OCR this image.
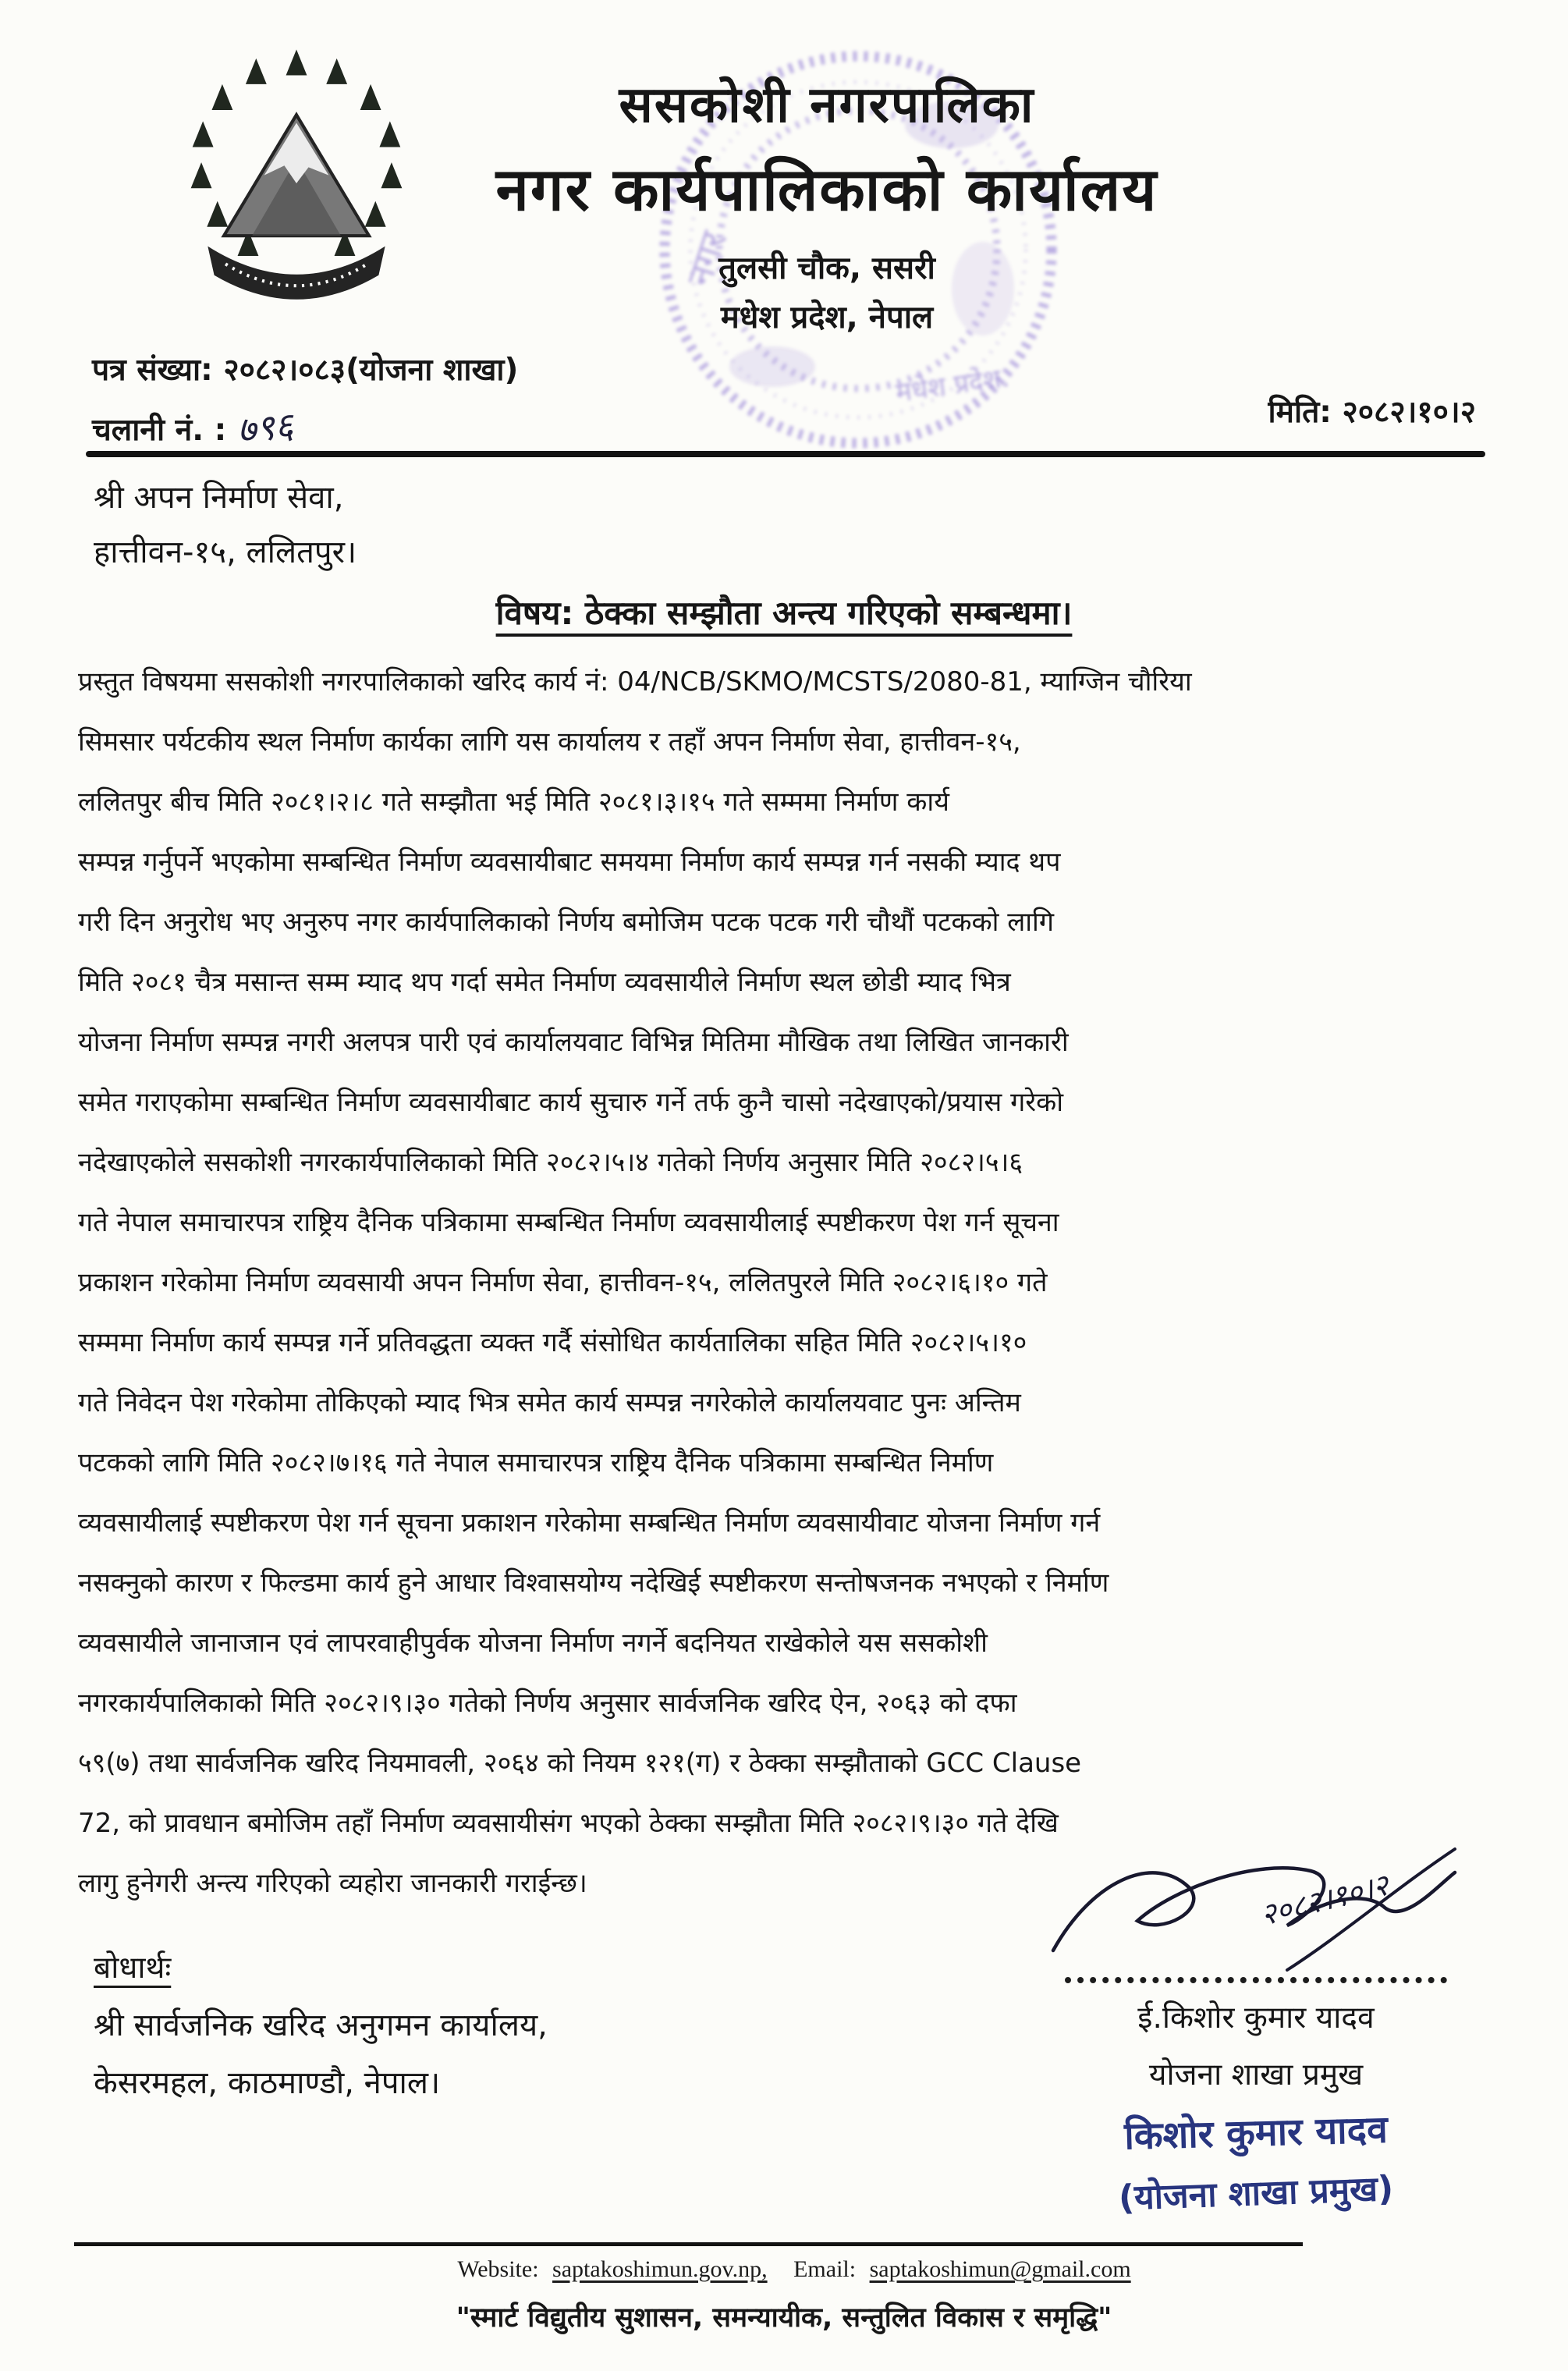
नगर
मधेश प्रदेश.
ससकोशी नगरपालिका
नगर कार्यपालिकाको कार्यालय
तुलसी चौक, ससरी
मधेश प्रदेश, नेपाल
पत्र संख्या: २०८२।०८३(योजना शाखा)
चलानी नं. : ७९६	मिति: २०८२।१०।२
श्री अपन निर्माण सेवा,
हात्तीवन-१५, ललितपुर।
विषय: ठेक्का सम्झौता अन्त्य गरिएको सम्बन्धमा।
प्रस्तुत विषयमा ससकोशी नगरपालिकाको खरिद कार्य नं: 04/NCB/SKMO/MCSTS/2080-81, म्याग्जिन चौरिया
सिमसार पर्यटकीय स्थल निर्माण कार्यका लागि यस कार्यालय र तहाँ अपन निर्माण सेवा, हात्तीवन-१५,
ललितपुर बीच मिति २०८१।२।८ गते सम्झौता भई मिति २०८१।३।१५ गते सम्ममा निर्माण कार्य
सम्पन्न गर्नुपर्ने भएकोमा सम्बन्धित निर्माण व्यवसायीबाट समयमा निर्माण कार्य सम्पन्न गर्न नसकी म्याद थप
गरी दिन अनुरोध भए अनुरुप नगर कार्यपालिकाको निर्णय बमोजिम पटक पटक गरी चौथौं पटकको लागि
मिति २०८१ चैत्र मसान्त सम्म म्याद थप गर्दा समेत निर्माण व्यवसायीले निर्माण स्थल छोडी म्याद भित्र
योजना निर्माण सम्पन्न नगरी अलपत्र पारी एवं कार्यालयवाट विभिन्न मितिमा मौखिक तथा लिखित जानकारी
समेत गराएकोमा सम्बन्धित निर्माण व्यवसायीबाट कार्य सुचारु गर्ने तर्फ कुनै चासो नदेखाएको/प्रयास गरेको
नदेखाएकोले ससकोशी नगरकार्यपालिकाको मिति २०८२।५।४ गतेको निर्णय अनुसार मिति २०८२।५।६
गते नेपाल समाचारपत्र राष्ट्रिय दैनिक पत्रिकामा सम्बन्धित निर्माण व्यवसायीलाई स्पष्टीकरण पेश गर्न सूचना
प्रकाशन गरेकोमा निर्माण व्यवसायी अपन निर्माण सेवा, हात्तीवन-१५, ललितपुरले मिति २०८२।६।१० गते
सम्ममा निर्माण कार्य सम्पन्न गर्ने प्रतिवद्धता व्यक्त गर्दै संसोधित कार्यतालिका सहित मिति २०८२।५।१०
गते निवेदन पेश गरेकोमा तोकिएको म्याद भित्र समेत कार्य सम्पन्न नगरेकोले कार्यालयवाट पुनः अन्तिम
पटकको लागि मिति २०८२।७।१६ गते नेपाल समाचारपत्र राष्ट्रिय दैनिक पत्रिकामा सम्बन्धित निर्माण
व्यवसायीलाई स्पष्टीकरण पेश गर्न सूचना प्रकाशन गरेकोमा सम्बन्धित निर्माण व्यवसायीवाट योजना निर्माण गर्न
नसक्नुको कारण र फिल्डमा कार्य हुने आधार विश्वासयोग्य नदेखिई स्पष्टीकरण सन्तोषजनक नभएको र निर्माण
व्यवसायीले जानाजान एवं लापरवाहीपुर्वक योजना निर्माण नगर्ने बदनियत राखेकोले यस ससकोशी
नगरकार्यपालिकाको मिति २०८२।९।३० गतेको निर्णय अनुसार सार्वजनिक खरिद ऐन, २०६३ को दफा
५९(७) तथा सार्वजनिक खरिद नियमावली, २०६४ को नियम १२१(ग) र ठेक्का सम्झौताको GCC Clause
72, को प्रावधान बमोजिम तहाँ निर्माण व्यवसायीसंग भएको ठेक्का सम्झौता मिति २०८२।९।३० गते देखि
लागु हुनेगरी अन्त्य गरिएको व्यहोरा जानकारी गराईन्छ।
बोधार्थः
श्री सार्वजनिक खरिद अनुगमन कार्यालय,
केसरमहल, काठमाण्डौ, नेपाल।
२०८२।१०।२
ई.किशोर कुमार यादव
योजना शाखा प्रमुख
किशोर कुमार यादव
(योजना शाखा प्रमुख)
Website: saptakoshimun.gov.np, Email: saptakoshimun@gmail.com
"स्मार्ट विद्युतीय सुशासन, समन्यायीक, सन्तुलित विकास र समृद्धि"
